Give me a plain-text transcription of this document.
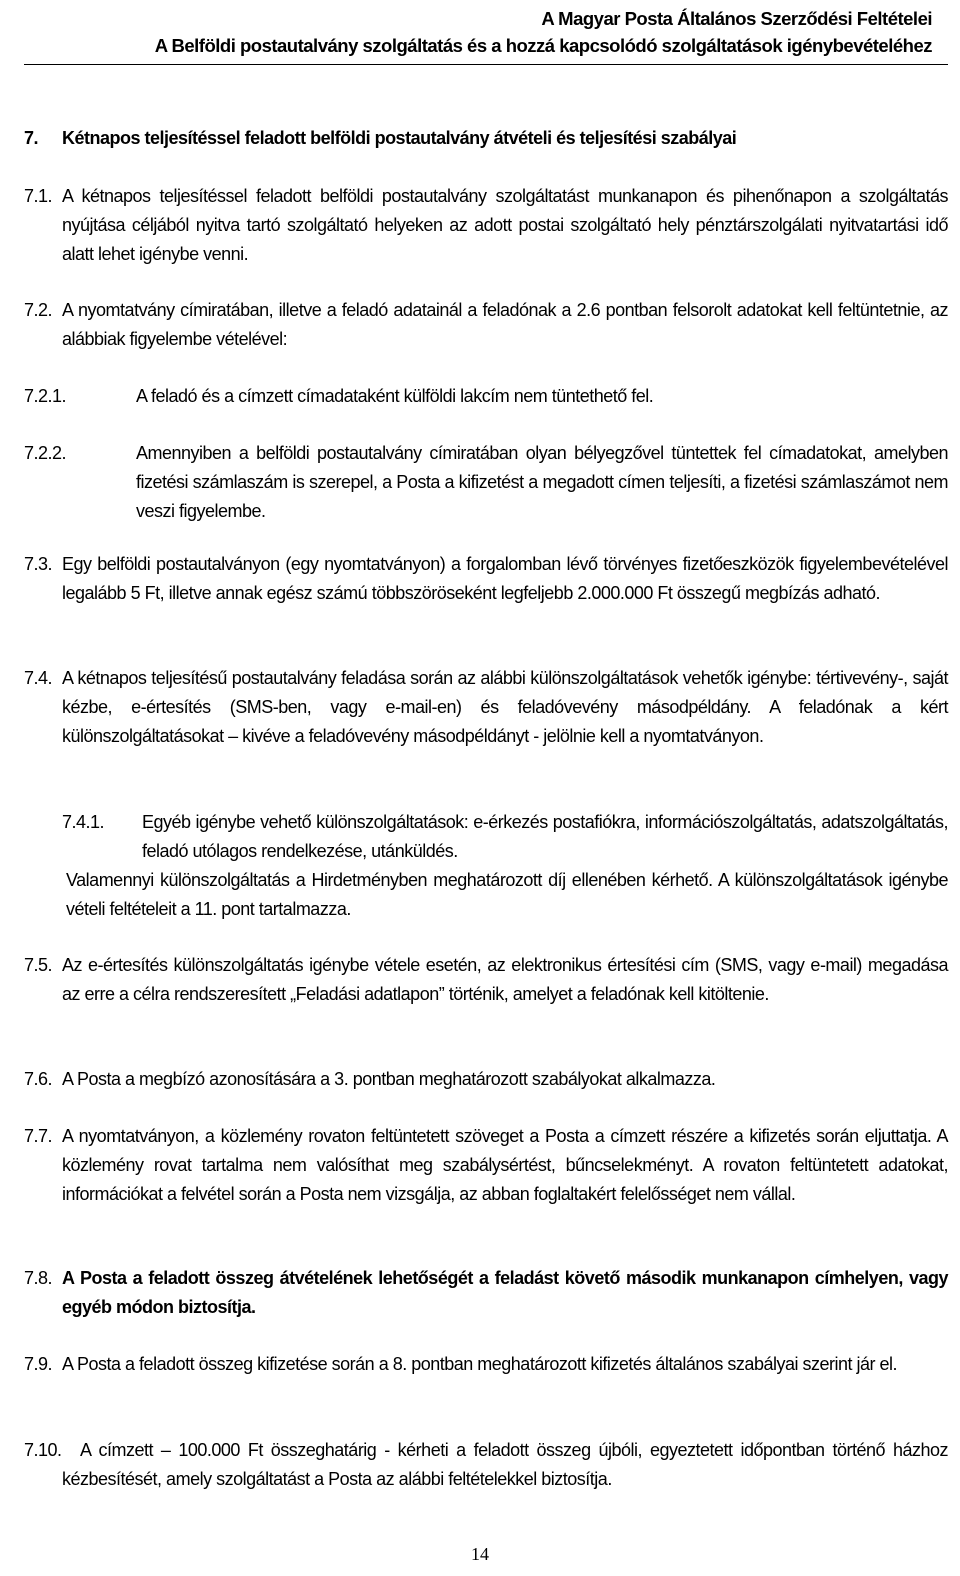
A Magyar Posta Általános Szerződési Feltételei
A Belföldi postautalvány szolgáltatás és a hozzá kapcsolódó szolgáltatások igénybevételéhez
7. Kétnapos teljesítéssel feladott belföldi postautalvány átvételi és teljesítési szabályai
7.1. A kétnapos teljesítéssel feladott belföldi postautalvány szolgáltatást munkanapon és pihenőnapon a szolgáltatás nyújtása céljából nyitva tartó szolgáltató helyeken az adott postai szolgáltató hely pénztárszolgálati nyitvatartási idő alatt lehet igénybe venni.
7.2. A nyomtatvány címiratában, illetve a feladó adatainál a feladónak a 2.6 pontban felsorolt adatokat kell feltüntetnie, az alábbiak figyelembe vételével:
7.2.1.	A feladó és a címzett címadataként külföldi lakcím nem tüntethető fel.
7.2.2.	Amennyiben a belföldi postautalvány címiratában olyan bélyegzővel tüntettek fel címadatokat, amelyben fizetési számlaszám is szerepel, a Posta a kifizetést a megadott címen teljesíti, a fizetési számlaszámot nem veszi figyelembe.
7.3. Egy belföldi postautalványon (egy nyomtatványon) a forgalomban lévő törvényes fizetőeszközök figyelembevételével legalább 5 Ft, illetve annak egész számú többszöröseként legfeljebb 2.000.000 Ft összegű megbízás adható.
7.4. A kétnapos teljesítésű postautalvány feladása során az alábbi különszolgáltatások vehetők igénybe: tértivevény-, saját kézbe, e-értesítés (SMS-ben, vagy e-mail-en) és feladóvevény másodpéldány. A feladónak a kért különszolgáltatásokat – kivéve a feladóvevény másodpéldányt - jelölnie kell a nyomtatványon.
7.4.1. Egyéb igénybe vehető különszolgáltatások: e-érkezés postafiókra, információszolgáltatás, adatszolgáltatás, feladó utólagos rendelkezése, utánküldés.
Valamennyi különszolgáltatás a Hirdetményben meghatározott díj ellenében kérhető. A különszolgáltatások igénybe vételi feltételeit a 11. pont tartalmazza.
7.5. Az e-értesítés különszolgáltatás igénybe vétele esetén, az elektronikus értesítési cím (SMS, vagy e-mail) megadása az erre a célra rendszeresített „Feladási adatlapon” történik, amelyet a feladónak kell kitöltenie.
7.6. A Posta a megbízó azonosítására a 3. pontban meghatározott szabályokat alkalmazza.
7.7. A nyomtatványon, a közlemény rovaton feltüntetett szöveget a Posta a címzett részére a kifizetés során eljuttatja. A közlemény rovat tartalma nem valósíthat meg szabálysértést, bűncselekményt. A rovaton feltüntetett adatokat, információkat a felvétel során a Posta nem vizsgálja, az abban foglaltakért felelősséget nem vállal.
7.8. A Posta a feladott összeg átvételének lehetőségét a feladást követő második munkanapon címhelyen, vagy egyéb módon biztosítja.
7.9. A Posta a feladott összeg kifizetése során a 8. pontban meghatározott kifizetés általános szabályai szerint jár el.
7.10.	A címzett – 100.000 Ft összeghatárig - kérheti a feladott összeg újbóli, egyeztetett időpontban történő házhoz kézbesítését, amely szolgáltatást a Posta az alábbi feltételekkel biztosítja.
14
